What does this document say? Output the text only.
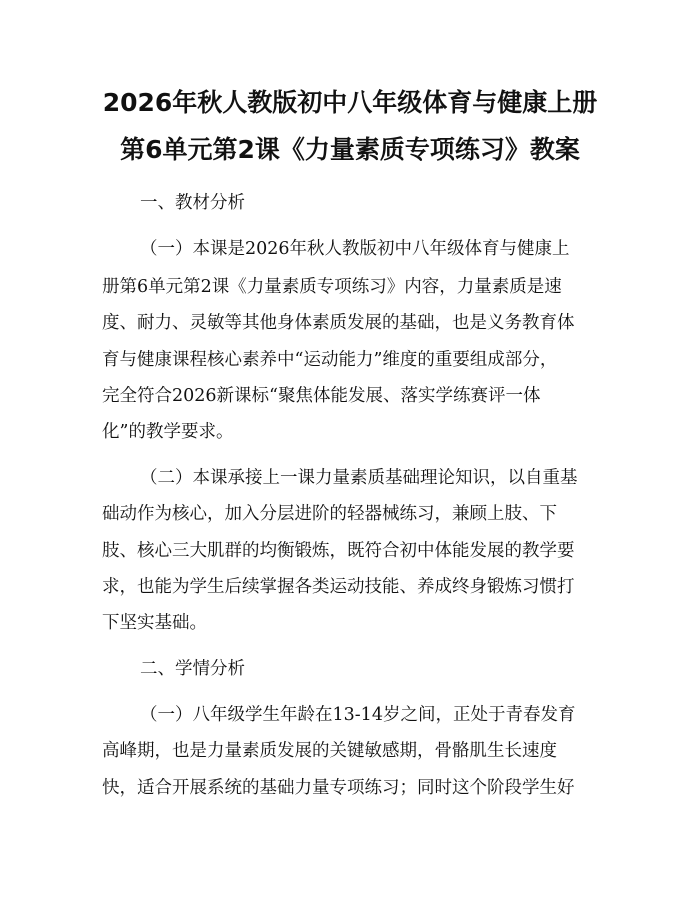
2026年秋人教版初中八年级体育与健康上册
第6单元第2课《力量素质专项练习》教案
一、教材分析
（一）本课是2026年秋人教版初中八年级体育与健康上
册第6单元第2课《力量素质专项练习》内容，力量素质是速
度、耐力、灵敏等其他身体素质发展的基础，也是义务教育体
育与健康课程核心素养中“运动能力”维度的重要组成部分，
完全符合2026新课标“聚焦体能发展、落实学练赛评一体
化”的教学要求。
（二）本课承接上一课力量素质基础理论知识，以自重基
础动作为核心，加入分层进阶的轻器械练习，兼顾上肢、下
肢、核心三大肌群的均衡锻炼，既符合初中体能发展的教学要
求，也能为学生后续掌握各类运动技能、养成终身锻炼习惯打
下坚实基础。
二、学情分析
（一）八年级学生年龄在13-14岁之间，正处于青春发育
高峰期，也是力量素质发展的关键敏感期，骨骼肌生长速度
快，适合开展系统的基础力量专项练习；同时这个阶段学生好
